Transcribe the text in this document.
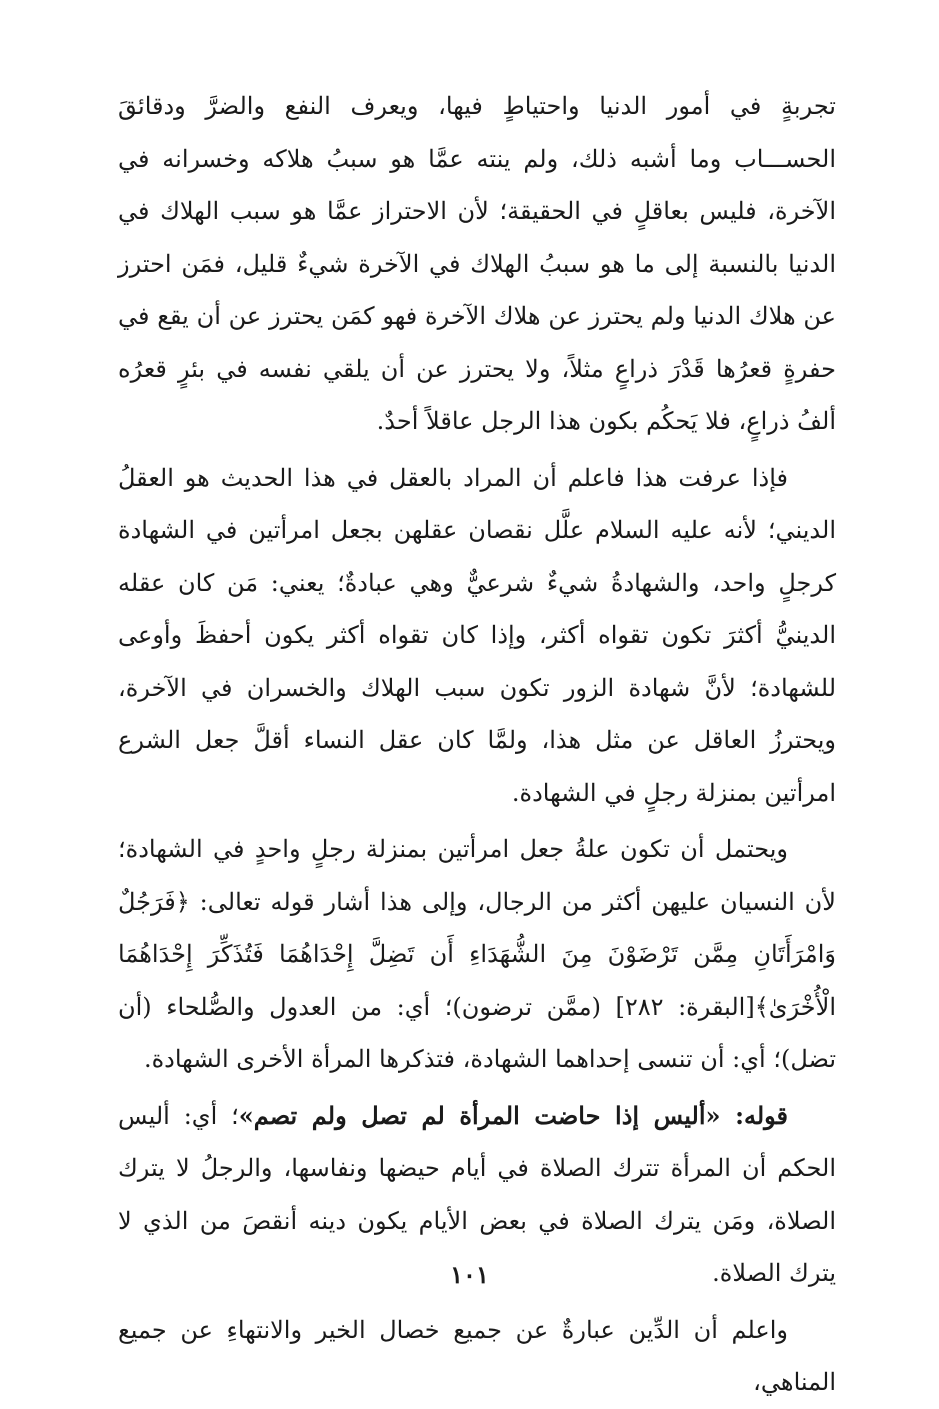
تجربةٍ في أمور الدنيا واحتياطٍ فيها، ويعرف النفع والضرَّ ودقائقَ الحســـاب وما أشبه ذلك، ولم ينته عمَّا هو سببُ هلاكه وخسرانه في الآخرة، فليس بعاقلٍ في الحقيقة؛ لأن الاحتراز عمَّا هو سبب الهلاك في الدنيا بالنسبة إلى ما هو سببُ الهلاك في الآخرة شيءٌ قليل، فمَن احترز عن هلاك الدنيا ولم يحترز عن هلاك الآخرة فهو كمَن يحترز عن أن يقع في حفرةٍ قعرُها قَدْرَ ذراعٍ مثلاً، ولا يحترز عن أن يلقي نفسه في بئرٍ قعرُه ألفُ ذراعٍ، فلا يَحكُم بكون هذا الرجل عاقلاً أحدٌ.

فإذا عرفت هذا فاعلم أن المراد بالعقل في هذا الحديث هو العقلُ الديني؛ لأنه عليه السلام علَّل نقصان عقلهن بجعل امرأتين في الشهادة كرجلٍ واحد، والشهادةُ شيءٌ شرعيٌّ وهي عبادةٌ؛ يعني: مَن كان عقله الدينيُّ أكثرَ تكون تقواه أكثر، وإذا كان تقواه أكثر يكون أحفظَ وأوعى للشهادة؛ لأنَّ شهادة الزور تكون سبب الهلاك والخسران في الآخرة، ويحترزُ العاقل عن مثل هذا، ولمَّا كان عقل النساء أقلَّ جعل الشرع امرأتين بمنزلة رجلٍ في الشهادة.

ويحتمل أن تكون علةُ جعل امرأتين بمنزلة رجلٍ واحدٍ في الشهادة؛ لأن النسيان عليهن أكثر من الرجال، وإلى هذا أشار قوله تعالى: ﴿فَرَجُلٌ وَامْرَأَتَانِ مِمَّن تَرْضَوْنَ مِنَ الشُّهَدَاءِ أَن تَضِلَّ إِحْدَاهُمَا فَتُذَكِّرَ إِحْدَاهُمَا الْأُخْرَىٰ﴾[البقرة: ٢٨٢] (ممَّن ترضون)؛ أي: من العدول والصُّلحاء (أن تضل)؛ أي: أن تنسى إحداهما الشهادة، فتذكرها المرأة الأخرى الشهادة.

قوله: «أليس إذا حاضت المرأة لم تصل ولم تصم»؛ أي: أليس الحكم أن المرأة تترك الصلاة في أيام حيضها ونفاسها، والرجلُ لا يترك الصلاة، ومَن يترك الصلاة في بعض الأيام يكون دينه أنقصَ من الذي لا يترك الصلاة.

واعلم أن الدِّين عبارةٌ عن جميع خصال الخير والانتهاءِ عن جميع المناهي،

١٠١
